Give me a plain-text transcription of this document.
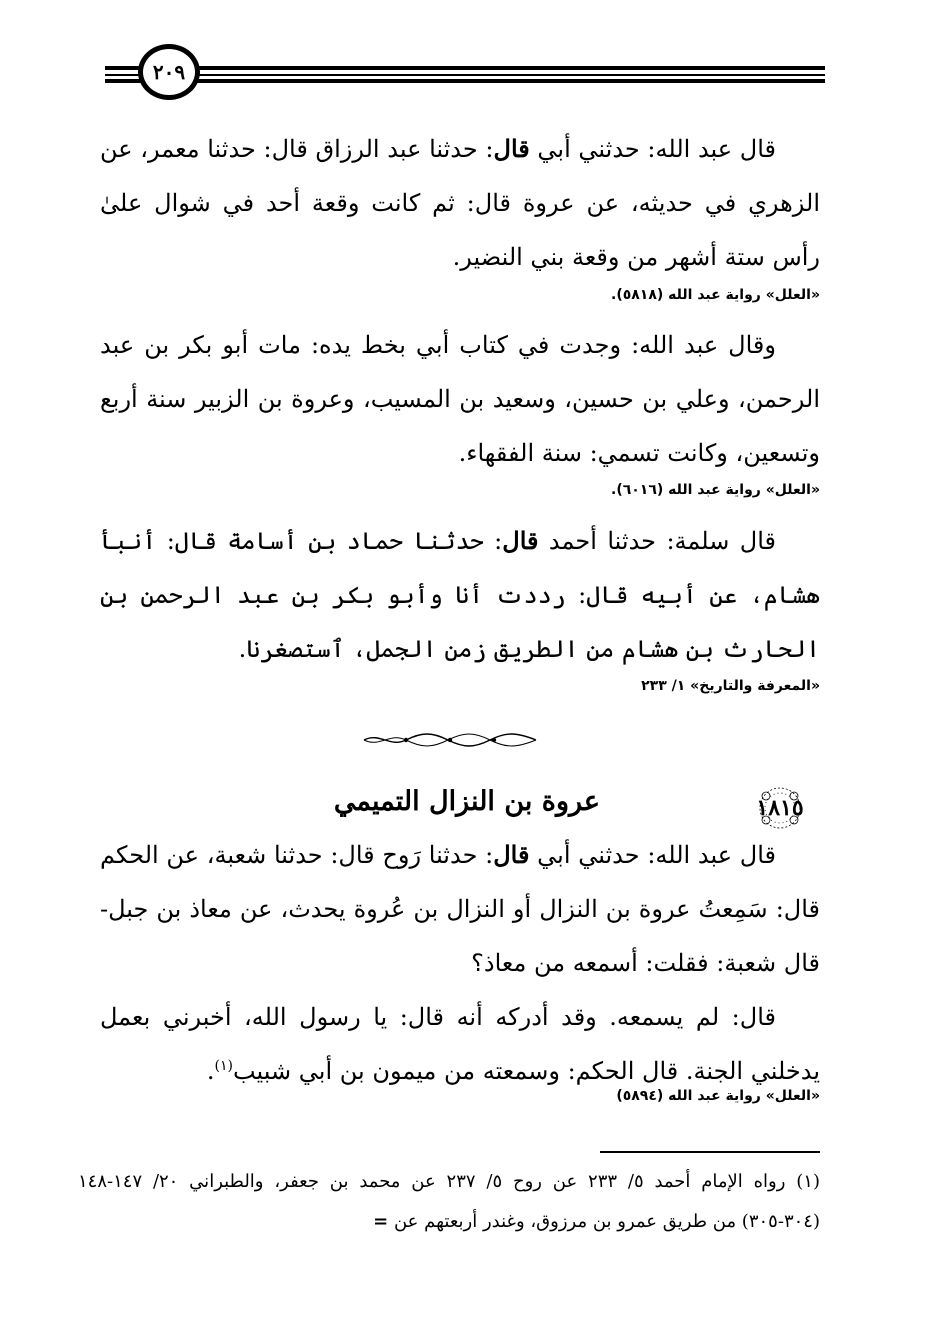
٢٠٩

قال عبد الله: حدثني أبي قال: حدثنا عبد الرزاق قال: حدثنا معمر، عن الزهري في حديثه، عن عروة قال: ثم كانت وقعة أحد في شوال علىٰ رأس ستة أشهر من وقعة بني النضير.

«العلل» رواية عبد الله (٥٨١٨).

وقال عبد الله: وجدت في كتاب أبي بخط يده: مات أبو بكر بن عبد الرحمن، وعلي بن حسين، وسعيد بن المسيب، وعروة بن الزبير سنة أربع وتسعين، وكانت تسمي: سنة الفقهاء.

«العلل» رواية عبد الله (٦٠١٦).

قال سلمة: حدثنا أحمد قال: حدثنا حماد بن أسامة قال: أنبأ هشام، عن أبيه قال: رددت أنا وأبو بكر بن عبد الرحمن بن الحارث بن هشام من الطريق زمن الجمل، ٱستصغرنا.

«المعرفة والتاريخ» ١/ ٢٣٣
١٨١٥
عروة بن النزال التميمي

قال عبد الله: حدثني أبي قال: حدثنا رَوح قال: حدثنا شعبة، عن الحكم قال: سَمِعتُ عروة بن النزال أو النزال بن عُروة يحدث، عن معاذ بن جبل- قال شعبة: فقلت: أسمعه من معاذ؟

قال: لم يسمعه. وقد أدركه أنه قال: يا رسول الله، أخبرني بعمل يدخلني الجنة. قال الحكم: وسمعته من ميمون بن أبي شبيب$^{(١)}$.

«العلل» رواية عبد الله (٥٨٩٤)

(١) رواه الإمام أحمد ٥/ ٢٣٣ عن روح ٥/ ٢٣٧ عن محمد بن جعفر، والطبراني ٢٠/ ١٤٧-١٤٨ (٣٠٤-٣٠٥) من طريق عمرو بن مرزوق، وغندر أربعتهم عن =
